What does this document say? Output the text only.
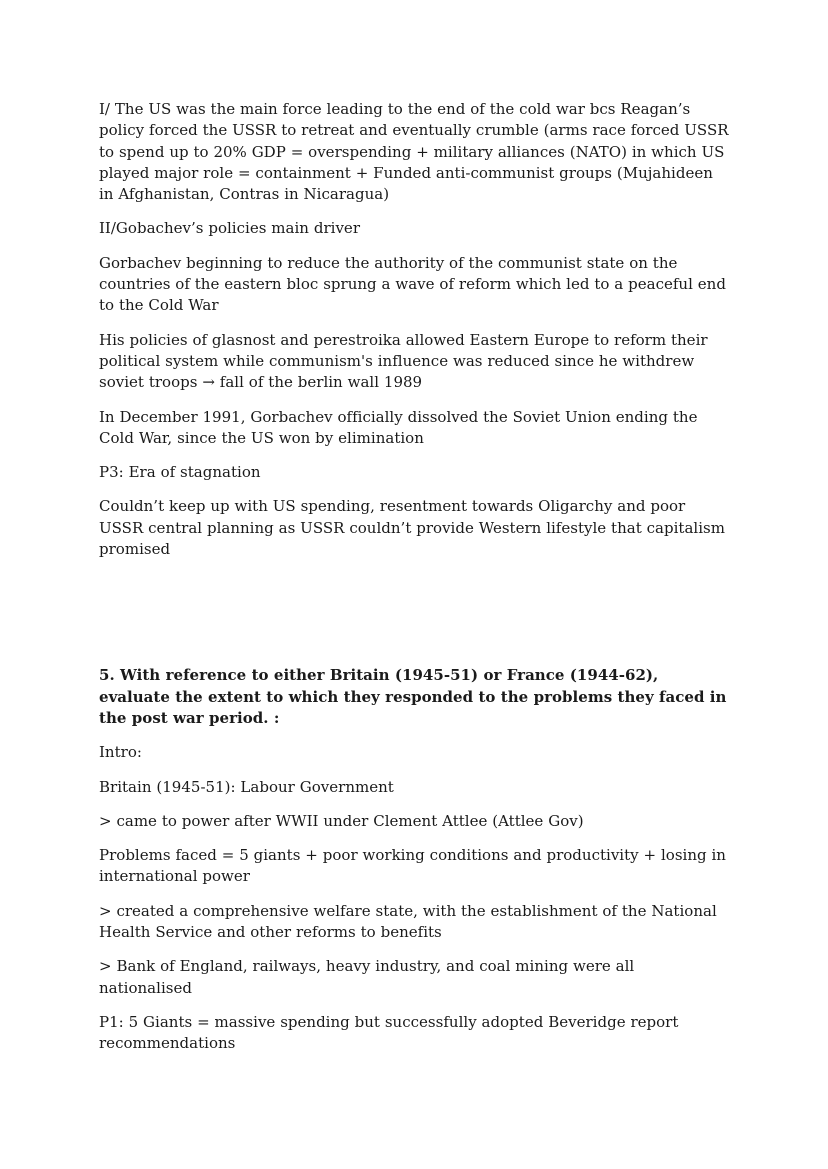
I/ The US was the main force leading to the end of the cold war bcs Reagan’s policy forced the USSR to retreat and eventually crumble (arms race forced USSR to spend up to 20% GDP = overspending + military alliances (NATO) in which US played major role = containment + Funded anti-communist groups (Mujahideen in Afghanistan, Contras in Nicaragua)

II/Gobachev’s policies main driver

Gorbachev beginning to reduce the authority of the communist state on the countries of the eastern bloc sprung a wave of reform which led to a peaceful end to the Cold War

His policies of glasnost and perestroika allowed Eastern Europe to reform their political system while communism's influence was reduced since he withdrew soviet troops → fall of the berlin wall 1989

In December 1991, Gorbachev officially dissolved the Soviet Union ending the Cold War, since the US won by elimination

P3: Era of stagnation

Couldn’t keep up with US spending, resentment towards Oligarchy and poor USSR central planning as USSR couldn’t provide Western lifestyle that capitalism promised

5. With reference to either Britain (1945-51) or France (1944-62), evaluate the extent to which they responded to the problems they faced in the post war period. :

Intro:

Britain (1945-51): Labour Government

> came to power after WWII under Clement Attlee (Attlee Gov)

Problems faced = 5 giants + poor working conditions and productivity + losing in international power

> created a comprehensive welfare state, with the establishment of the National Health Service and other reforms to benefits

> Bank of England, railways, heavy industry, and coal mining were all nationalised

P1: 5 Giants = massive spending but successfully adopted Beveridge report recommendations
